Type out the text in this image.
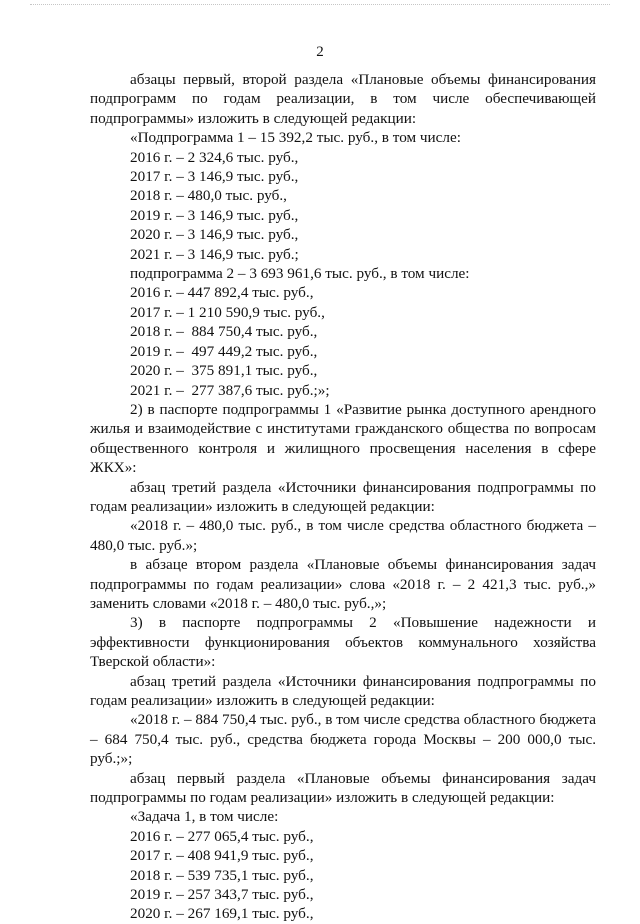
2
абзацы первый, второй раздела «Плановые объемы финансирования подпрограмм по годам реализации, в том числе обеспечивающей подпрограммы» изложить в следующей редакции:
«Подпрограмма 1 – 15 392,2 тыс. руб., в том числе:
2016 г. – 2 324,6 тыс. руб.,
2017 г. – 3 146,9 тыс. руб.,
2018 г. – 480,0 тыс. руб.,
2019 г. – 3 146,9 тыс. руб.,
2020 г. – 3 146,9 тыс. руб.,
2021 г. – 3 146,9 тыс. руб.;
подпрограмма 2 – 3 693 961,6 тыс. руб., в том числе:
2016 г. – 447 892,4 тыс. руб.,
2017 г. – 1 210 590,9 тыс. руб.,
2018 г. –  884 750,4 тыс. руб.,
2019 г. –  497 449,2 тыс. руб.,
2020 г. –  375 891,1 тыс. руб.,
2021 г. –  277 387,6 тыс. руб.;»;
2) в паспорте подпрограммы 1 «Развитие рынка доступного арендного жилья и взаимодействие с институтами гражданского общества по вопросам общественного контроля и жилищного просвещения населения в сфере ЖКХ»:
абзац третий раздела «Источники финансирования подпрограммы по годам реализации» изложить в следующей редакции:
«2018 г. – 480,0 тыс. руб., в том числе средства областного бюджета – 480,0 тыс. руб.»;
в абзаце втором раздела «Плановые объемы финансирования задач подпрограммы по годам реализации» слова «2018 г. – 2 421,3 тыс. руб.,» заменить словами «2018 г. – 480,0 тыс. руб.,»;
3) в паспорте подпрограммы 2 «Повышение надежности и эффективности функционирования объектов коммунального хозяйства Тверской области»:
абзац третий раздела «Источники финансирования подпрограммы по годам реализации» изложить в следующей редакции:
«2018 г. – 884 750,4 тыс. руб., в том числе средства областного бюджета – 684 750,4 тыс. руб., средства бюджета города Москвы – 200 000,0 тыс. руб.;»;
абзац первый раздела «Плановые объемы финансирования задач подпрограммы по годам реализации» изложить в следующей редакции:
«Задача 1, в том числе:
2016 г. – 277 065,4 тыс. руб.,
2017 г. – 408 941,9 тыс. руб.,
2018 г. – 539 735,1 тыс. руб.,
2019 г. – 257 343,7 тыс. руб.,
2020 г. – 267 169,1 тыс. руб.,
